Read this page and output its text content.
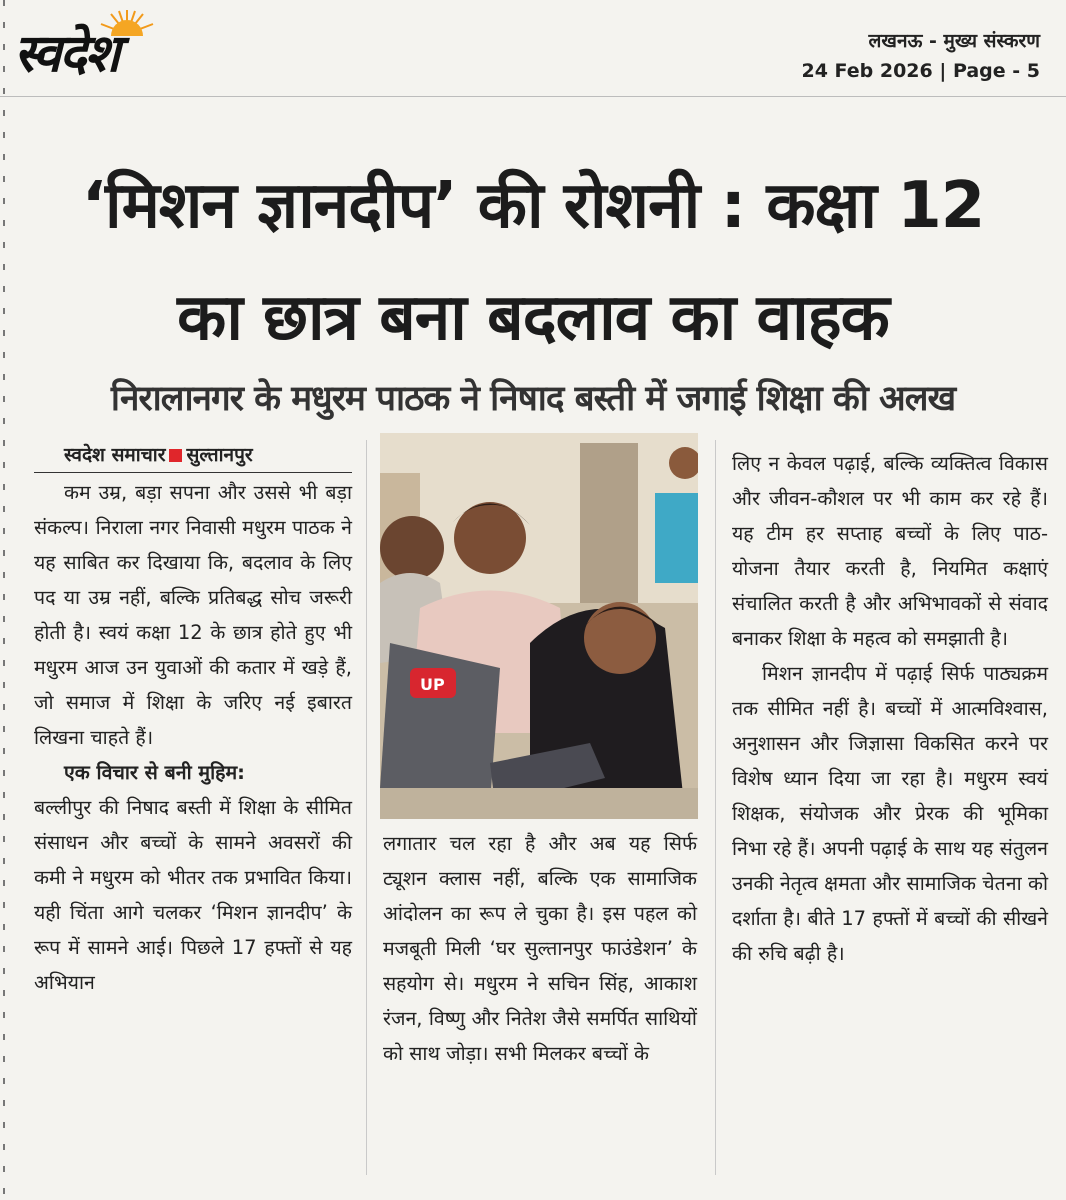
स्वदेश	लखनऊ - मुख्य संस्करण
24 Feb 2026 | Page - 5
‘मिशन ज्ञानदीप’ की रोशनी : कक्षा 12
का छात्र बना बदलाव का वाहक
निरालानगर के मधुरम पाठक ने निषाद बस्ती में जगाई शिक्षा की अलख
स्वदेश समाचार सुल्तानपुर

कम उम्र, बड़ा सपना और उससे भी बड़ा संकल्प। निराला नगर निवासी मधुरम पाठक ने यह साबित कर दिखाया कि, बदलाव के लिए पद या उम्र नहीं, बल्कि प्रतिबद्ध सोच जरूरी होती है। स्वयं कक्षा 12 के छात्र होते हुए भी मधुरम आज उन युवाओं की कतार में खड़े हैं, जो समाज में शिक्षा के जरिए नई इबारत लिखना चाहते हैं।

एक विचार से बनी मुहिम:

बल्लीपुर की निषाद बस्ती में शिक्षा के सीमित संसाधन और बच्चों के सामने अवसरों की कमी ने मधुरम को भीतर तक प्रभावित किया। यही चिंता आगे चलकर ‘मिशन ज्ञानदीप’ के रूप में सामने आई। पिछले 17 हफ्तों से यह अभियान

UP

लगातार चल रहा है और अब यह सिर्फ ट्यूशन क्लास नहीं, बल्कि एक सामाजिक आंदोलन का रूप ले चुका है। इस पहल को मजबूती मिली ‘घर सुल्तानपुर फाउंडेशन’ के सहयोग से। मधुरम ने सचिन सिंह, आकाश रंजन, विष्णु और नितेश जैसे समर्पित साथियों को साथ जोड़ा। सभी मिलकर बच्चों के

लिए न केवल पढ़ाई, बल्कि व्यक्तित्व विकास और जीवन-कौशल पर भी काम कर रहे हैं। यह टीम हर सप्ताह बच्चों के लिए पाठ-योजना तैयार करती है, नियमित कक्षाएं संचालित करती है और अभिभावकों से संवाद बनाकर शिक्षा के महत्व को समझाती है।

मिशन ज्ञानदीप में पढ़ाई सिर्फ पाठ्यक्रम तक सीमित नहीं है। बच्चों में आत्मविश्वास, अनुशासन और जिज्ञासा विकसित करने पर विशेष ध्यान दिया जा रहा है। मधुरम स्वयं शिक्षक, संयोजक और प्रेरक की भूमिका निभा रहे हैं। अपनी पढ़ाई के साथ यह संतुलन उनकी नेतृत्व क्षमता और सामाजिक चेतना को दर्शाता है। बीते 17 हफ्तों में बच्चों की सीखने की रुचि बढ़ी है।
